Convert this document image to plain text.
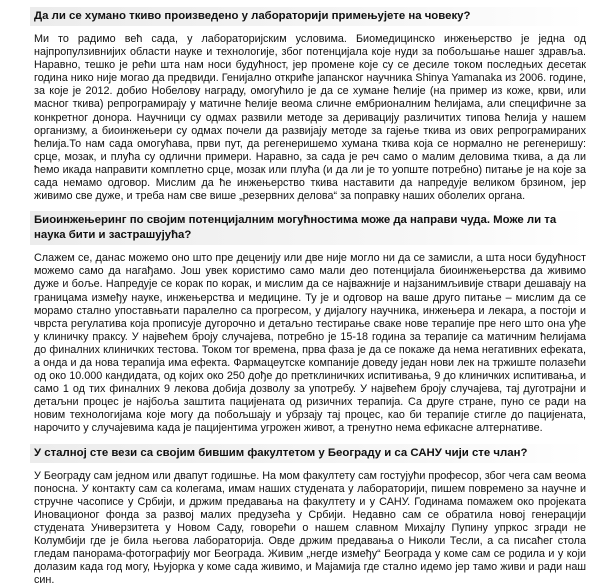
Да ли се хумано ткиво произведено у лабораторији примењујете на човеку?
Ми то радимо већ сада, у лабораторијским условима. Биомедицинско инжењерство је једна од најпропулзивнијих области науке и технологије, због потенцијала које нуди за побољшање нашег здравља. Наравно, тешко је рећи шта нам носи будућност, јер промене које су се десиле током последњих десетак година нико није могао да предвиди. Генијално откриће јапанског научника Shinya Yamanaka из 2006. године, за које је 2012. добио Нобелову награду, омогућило је да се хумане ћелије (на пример из коже, крви, или масног ткива) репрограмирају у матичне ћелије веома сличне ембрионалним ћелијама, али специфичне за конкретног донора. Научници су одмах развили методе за деривацију различитих типова ћелија у нашем организму, а биоинжењери су одмах почели да развијају методе за гајење ткива из ових репрограмираних ћелија.То нам сада омогућава, први пут, да регенеришемо хумана ткива која се нормално не регенеришу: срце, мозак, и плућа су одлични примери. Наравно, за сада је реч само о малим деловима ткива, а да ли ћемо икада направити комплетно срце, мозак или плућа (и да ли је то уопште потребно) питање је на које за сада немамо одговор. Мислим да ће инжењерство ткива наставити да напредује великом брзином, јер живимо све дуже, и треба нам све више „резервних делова“ за поправку наших оболелих органа.
Биоинжењеринг по својим потенцијалним могућностима може да направи чуда. Може ли та наука бити и застрашујућа?
Слажем се, данас можемо оно што пре деценију или две није могло ни да се замисли, а шта носи будућност можемо само да нагађамо. Још увек користимо само мали део потенцијала биоинжењерства да живимо дуже и боље. Напредује се корак по корак, и мислим да се најважније и најзанимљивије ствари дешавају на границама између науке, инжењерства и медицине. Ту је и одговор на ваше друго питање – мислим да се морамо стално упоставњати паралелно са прогресом, у дијалогу научника, инжењера и лекара, а постоји и чврста регулатива која прописује дугорочно и детаљно тестирање сваке нове терапије пре него што она уђе у клиничку праксу. У највећем броју случајева, потребно је 15-18 година за терапије са матичним ћелијама до финалних клиничких тестова. Током тог времена, прва фаза је да се покаже да нема негативних ефеката, а онда и да нова терапија има ефекта. Фармацеутске компаније доведу један нови лек на тржиште полазећи од око 10.000 кандидата, од којих око 250 дође до претклиничких испитивања, 9 до клиничких испитивања, и само 1 од тих финалних 9 лекова добија дозволу за употребу. У највећем броју случајева, тај дуготрајни и детаљни процес је најбоља заштита пацијената од ризичних терапија. Са друге стране, пуно се ради на новим технологијама које могу да побољшају и убрзају тај процес, као би терапије стигле до пацијената, нарочито у случајевима када је пацијентима угрожен живот, а тренутно нема ефикасне алтернативе.
У сталној сте вези са својим бившим факултетом у Београду и са САНУ чији сте члан?
У Београду сам једном или двапут годишње. На мом факултету сам гостујући професор, због чега сам веома поносна. У контакту сам са колегама, имам наших студената у лабораторији, пишем повремено за научне и стручне часописе у Србији, и држим предавања на факултету и у САНУ. Годинама помажем око пројеката Иновационог фонда за развој малих предузећа у Србији. Недавно сам се обратила новој генерацији студената Универзитета у Новом Саду, говорећи о нашем славном Михајлу Пупину упркос згради не Колумбији где је била његова лабораторија. Овде држим предавања о Николи Тесли, а са писаћег стола гледам панорама-фотографију мог Београда. Живим „негде између“ Београда у коме сам се родила и у који долазим када год могу, Њујорка у коме сада живимо, и Мајамија где стално идемо јер тамо живи и ради наш син.
